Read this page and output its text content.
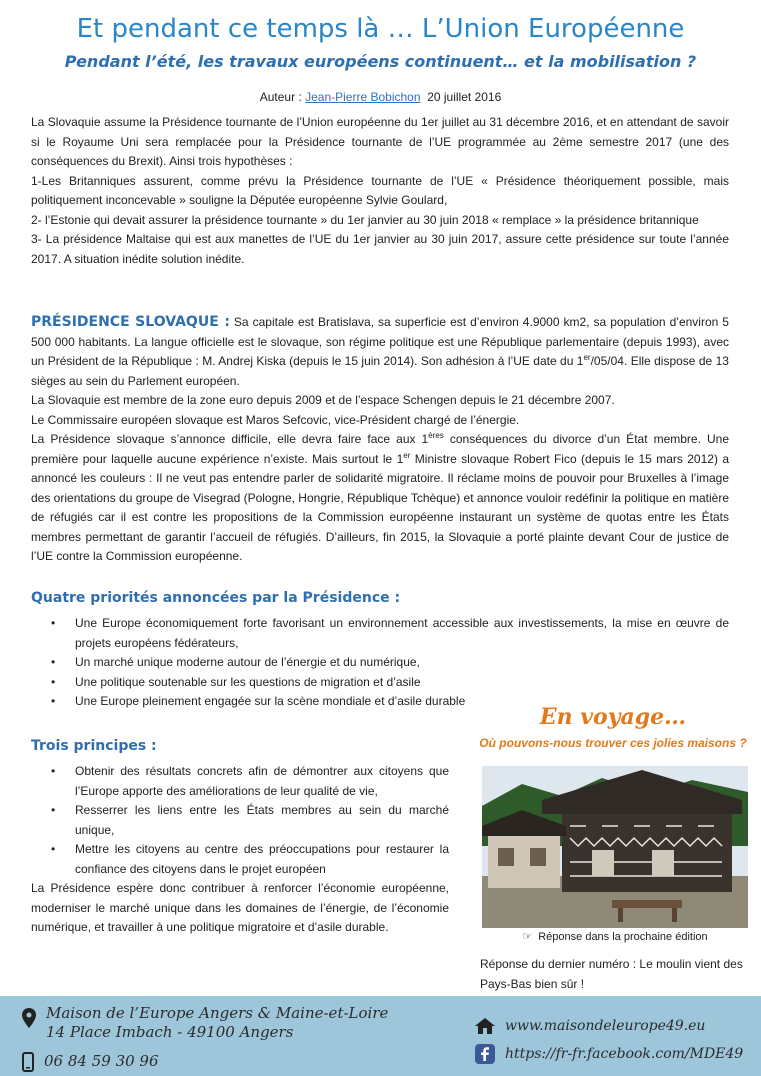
Et pendant ce temps là … L’Union Européenne
Pendant l’été, les travaux européens continuent… et la mobilisation ?
Auteur : Jean-Pierre Bobichon 20 juillet 2016

La Slovaquie assume la Présidence tournante de l’Union européenne du 1er juillet au 31 décembre 2016, et en attendant de savoir si le Royaume Uni sera remplacée pour la Présidence tournante de l’UE programmée au 2ème semestre 2017 (une des conséquences du Brexit). Ainsi trois hypothèses :

1-Les Britanniques assurent, comme prévu la Présidence tournante de l’UE « Présidence théoriquement possible, mais politiquement inconcevable » souligne la Députée européenne Sylvie Goulard,

2- l’Estonie qui devait assurer la présidence tournante » du 1er janvier au 30 juin 2018 « remplace » la présidence britannique

3- La présidence Maltaise qui est aux manettes de l’UE du 1er janvier au 30 juin 2017, assure cette présidence sur toute l’année 2017. A situation inédite solution inédite.

PRÉSIDENCE SLOVAQUE : Sa capitale est Bratislava, sa superficie est d’environ 4.9000 km2, sa population d’environ 5 500 000 habitants. La langue officielle est le slovaque, son régime politique est une République parlementaire (depuis 1993), avec un Président de la République : M. Andrej Kiska (depuis le 15 juin 2014). Son adhésion à l’UE date du 1er/05/04. Elle dispose de 13 sièges au sein du Parlement européen.

La Slovaquie est membre de la zone euro depuis 2009 et de l’espace Schengen depuis le 21 décembre 2007.

Le Commissaire européen slovaque est Maros Sefcovic, vice-Président chargé de l’énergie.

La Présidence slovaque s’annonce difficile, elle devra faire face aux 1ères conséquences du divorce d’un État membre. Une première pour laquelle aucune expérience n’existe. Mais surtout le 1er Ministre slovaque Robert Fico (depuis le 15 mars 2012) a annoncé les couleurs : Il ne veut pas entendre parler de solidarité migratoire. Il réclame moins de pouvoir pour Bruxelles à l’image des orientations du groupe de Visegrad (Pologne, Hongrie, République Tchèque) et annonce vouloir redéfinir la politique en matière de réfugiés car il est contre les propositions de la Commission européenne instaurant un système de quotas entre les États membres permettant de garantir l’accueil de réfugiés. D’ailleurs, fin 2015, la Slovaquie a porté plainte devant Cour de justice de l’UE contre la Commission européenne.

Quatre priorités annoncées par la Présidence :
• Une Europe économiquement forte favorisant un environnement accessible aux investissements, la mise en œuvre de projets européens fédérateurs,
• Un marché unique moderne autour de l’énergie et du numérique,
• Une politique soutenable sur les questions de migration et d’asile
• Une Europe pleinement engagée sur la scène mondiale et d’asile durable
Trois principes :
• Obtenir des résultats concrets afin de démontrer aux citoyens que l’Europe apporte des améliorations de leur qualité de vie,
• Resserrer les liens entre les États membres au sein du marché unique,
• Mettre les citoyens au centre des préoccupations pour restaurer la confiance des citoyens dans le projet européen

La Présidence espère donc contribuer à renforcer l’économie européenne, moderniser le marché unique dans les domaines de l’énergie, de l’économie numérique, et travailler à une politique migratoire et d’asile durable.

En voyage…
Où pouvons-nous trouver ces jolies maisons ?
☞ Réponse dans la prochaine édition
Réponse du dernier numéro : Le moulin vient des Pays-Bas bien sûr !
Maison de l’Europe Angers & Maine-et-Loire
14 Place Imbach - 49100 Angers
06 84 59 30 96
www.maisondeleurope49.eu
https://fr-fr.facebook.com/MDE49
